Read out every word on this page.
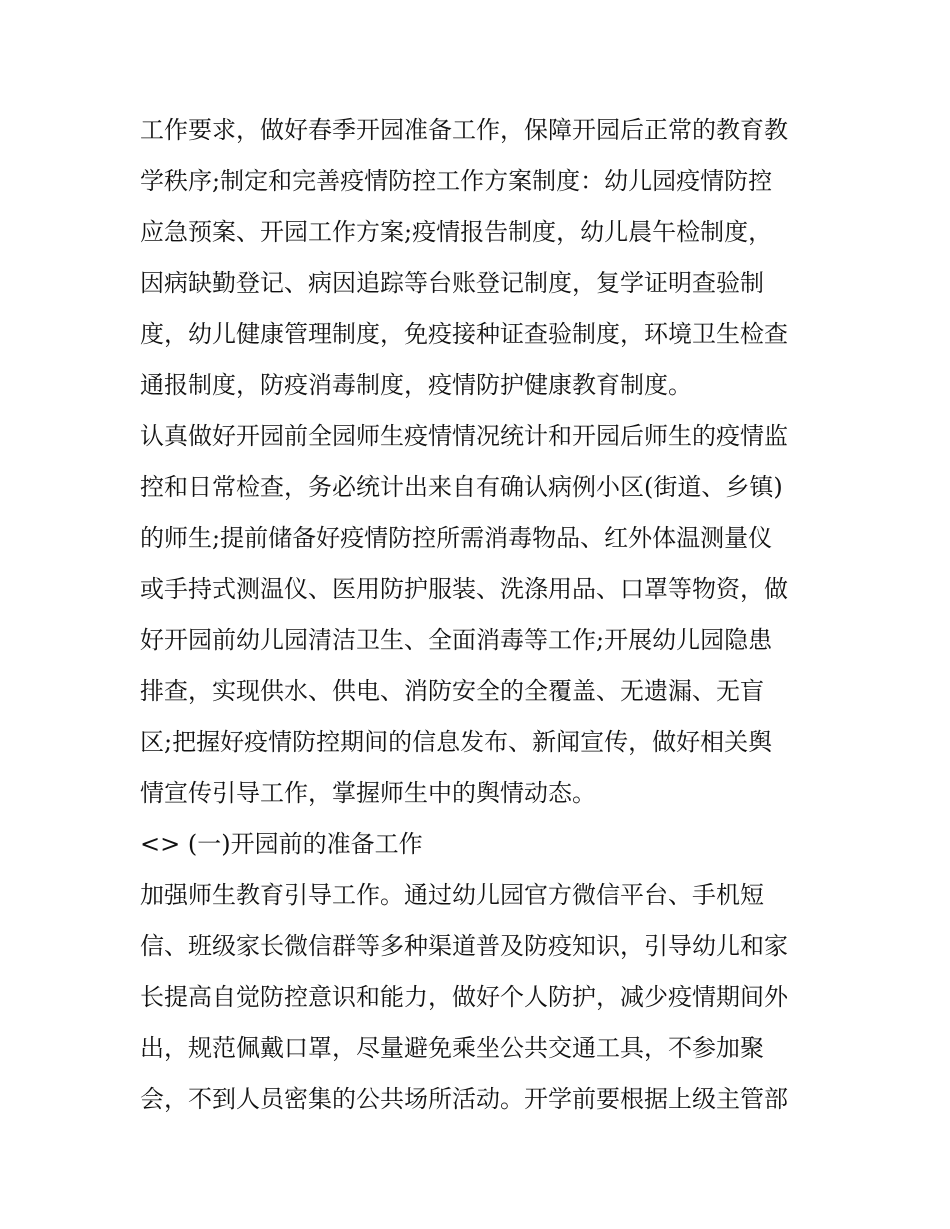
工作要求，做好春季开园准备工作，保障开园后正常的教育教
学秩序;制定和完善疫情防控工作方案制度：幼儿园疫情防控
应急预案、开园工作方案;疫情报告制度，幼儿晨午检制度，
因病缺勤登记、病因追踪等台账登记制度，复学证明查验制
度，幼儿健康管理制度，免疫接种证查验制度，环境卫生检查
通报制度，防疫消毒制度，疫情防护健康教育制度。
认真做好开园前全园师生疫情情况统计和开园后师生的疫情监
控和日常检查，务必统计出来自有确认病例小区(街道、乡镇)
的师生;提前储备好疫情防控所需消毒物品、红外体温测量仪
或手持式测温仪、医用防护服装、洗涤用品、口罩等物资，做
好开园前幼儿园清洁卫生、全面消毒等工作;开展幼儿园隐患
排查，实现供水、供电、消防安全的全覆盖、无遗漏、无盲
区;把握好疫情防控期间的信息发布、新闻宣传，做好相关舆
情宣传引导工作，掌握师生中的舆情动态。
<> (一)开园前的准备工作
加强师生教育引导工作。通过幼儿园官方微信平台、手机短
信、班级家长微信群等多种渠道普及防疫知识，引导幼儿和家
长提高自觉防控意识和能力，做好个人防护，减少疫情期间外
出，规范佩戴口罩，尽量避免乘坐公共交通工具，不参加聚
会，不到人员密集的公共场所活动。开学前要根据上级主管部
